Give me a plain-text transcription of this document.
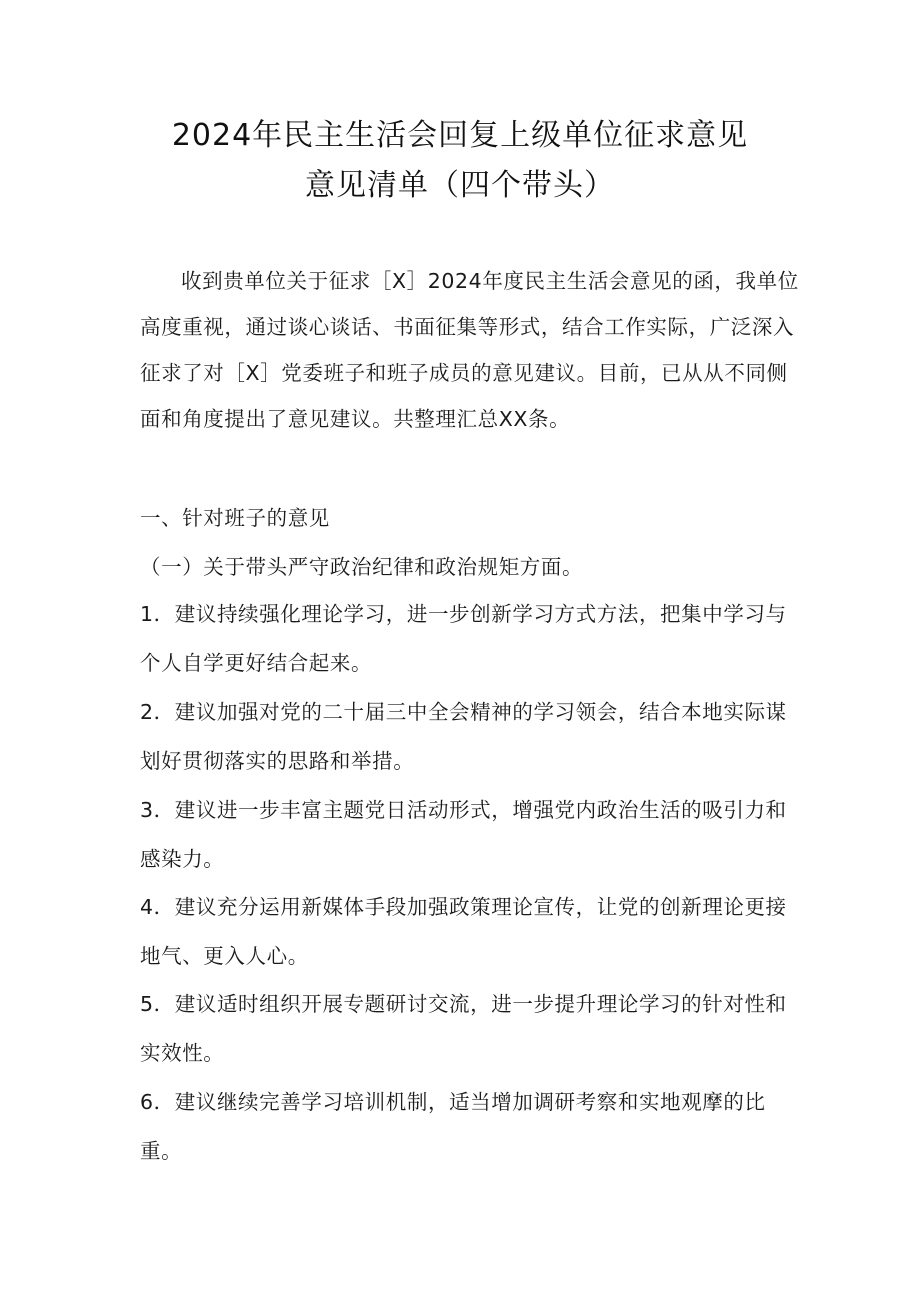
2024年民主生活会回复上级单位征求意见
意见清单（四个带头）

收到贵单位关于征求［X］2024年度民主生活会意见的函，我单位高度重视，通过谈心谈话、书面征集等形式，结合工作实际，广泛深入征求了对［X］党委班子和班子成员的意见建议。目前，已从从不同侧面和角度提出了意见建议。共整理汇总XX条。

一、针对班子的意见

（一）关于带头严守政治纪律和政治规矩方面。

1．建议持续强化理论学习，进一步创新学习方式方法，把集中学习与个人自学更好结合起来。

2．建议加强对党的二十届三中全会精神的学习领会，结合本地实际谋划好贯彻落实的思路和举措。

3．建议进一步丰富主题党日活动形式，增强党内政治生活的吸引力和感染力。

4．建议充分运用新媒体手段加强政策理论宣传，让党的创新理论更接地气、更入人心。

5．建议适时组织开展专题研讨交流，进一步提升理论学习的针对性和实效性。

6．建议继续完善学习培训机制，适当增加调研考察和实地观摩的比重。
